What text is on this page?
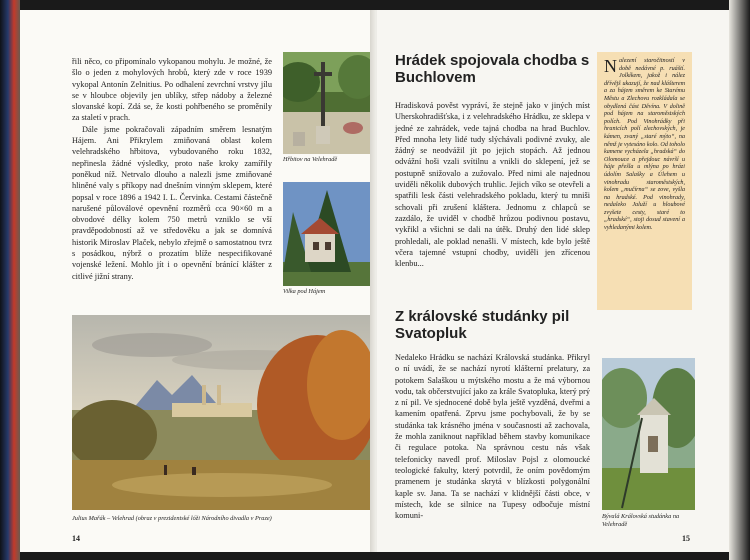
řili něco, co připomínalo vykopanou mohylu. Je možné, že šlo o jeden z mohylových hrobů, který zde v roce 1939 vykopal Antonín Zelnitius. Po odhalení zevrchní vrstvy jílu se v hloubce objevily jen ublíky, střep nádoby a železné slovanské kopí. Zdá se, že kosti pohřbeného se proměnily za staletí v prach.

Dále jsme pokračovali západním směrem lesnatým Hájem. Ani Přikrylem zmiňovaná oblast kolem velehradského hřbitova, vybudovaného roku 1832, nepřinesla žádné výsledky, proto naše kroky zamířily poněkud níž. Netrvalo dlouho a nalezli jsme zmiňované hliněné valy s příkopy nad dnešním vinným sklepem, které popsal v roce 1896 a 1942 I. L. Červinka. Cestami částečně narušené půloválové opevnění rozměrů cca 90×60 m a obvodové délky kolem 750 metrů vzniklo se vší pravděpodobností až ve středověku a jak se domnívá historik Miroslav Plaček, nebylo zřejmě o samostatnou tvrz s posádkou, nýbrž o prozatím blíže nespecifikované vojenské ležení. Mohlo jít i o opevnění bránící klášter z citlivé jižní strany.

Hřbitov na Velehradě
Vilka pod Hájem
Julius Mařák – Velehrad (obraz v prezidentské lóži Národního divadla v Praze)
14
Hrádek spojovala chodba s Buchlovem

Hradisková pověst vypráví, že stejně jako v jiných míst Uherskohradišťska, i z velehradského Hrádku, ze sklepa v jedné ze zahrádek, vede tajná chodba na hrad Buchlov. Před mnoha lety lidé tudy slýchávali podivné zvuky, ale žádný se neodvážil jít po jejich stopách. Až jednou odvážní hoši vzali svítilnu a vnikli do sklepení, jež se postupně snižovalo a zužovalo. Před nimi ale najednou uviděli několik dubových truhlic. Jejich víko se otevřeli a spatřili lesk části velehradského pokladu, který tu mniši schovali při zrušení kláštera. Jednomu z chlapců se zazdálo, že uviděl v chodbě hrůzou podivnou postavu, vykřikl a všichni se dali na útěk. Druhý den lidé sklep prohledali, ale poklad nenašli. V místech, kde bylo ještě včera tajemné vstupní chodby, uviděli jen zřícenou klenbu...

Nalezení staročitností v době nedávné p. ruáští. Jolkíkem, jakož i nález dřívějš ukazují, že nad klášterem a za hájem směrem ke Starému Městu a Zlechovu rozkládala se obydlená část Děvína. V dolině pod hájem na staroměstských polích. Pod Vinohrádky při hranicích polí zlechovských, je kámen, zvaný „staré mýto“, na němž je vytesáno kolo. Od toholo kamene vycházela „hradská“ do Olomouce a přejdouc návrší u háje přešla u mlýna po hrázi údolím Salašky a Úlehem u vinohradu staroměstských, kolem „mučírna“ se zove, vyšla na hradské. Pod vinohrady, nedaleko Jaluží u hloubové zvyšete cesty, staré to „hradské“, stoji dosud stavení a vyhledanými kolem.
Z královské studánky pil Svatopluk

Nedaleko Hrádku se nachází Královská studánka. Přikryl o ní uvádí, že se nachází nyrotí klášterní prelatury, za potokem Salaškou u mýtského mostu a že má výbornou vodu, tak občerstvující jako za krále Svatopluka, který prý z ní pil. Ve sjednocené době byla ještě vyzděná, dveřmi a kamením opatřená. Zprvu jsme pochybovali, že by se studánka tak krásného jména v současnosti až zachovala, že mohla zaniknout například během stavby komunikace či regulace potoka. Na správnou cestu nás však telefonicky navedl prof. Miloslav Pojsl z olomoucké teologické fakulty, který potvrdil, že oním povědomým pramenem je studánka skrytá v blízkosti polygonální kaple sv. Jana. Ta se nachází v klidnější části obce, v místech, kde se silnice na Tupesy odbočuje místní komuni-	Bývalá Královská studánka na Velehradě
15
